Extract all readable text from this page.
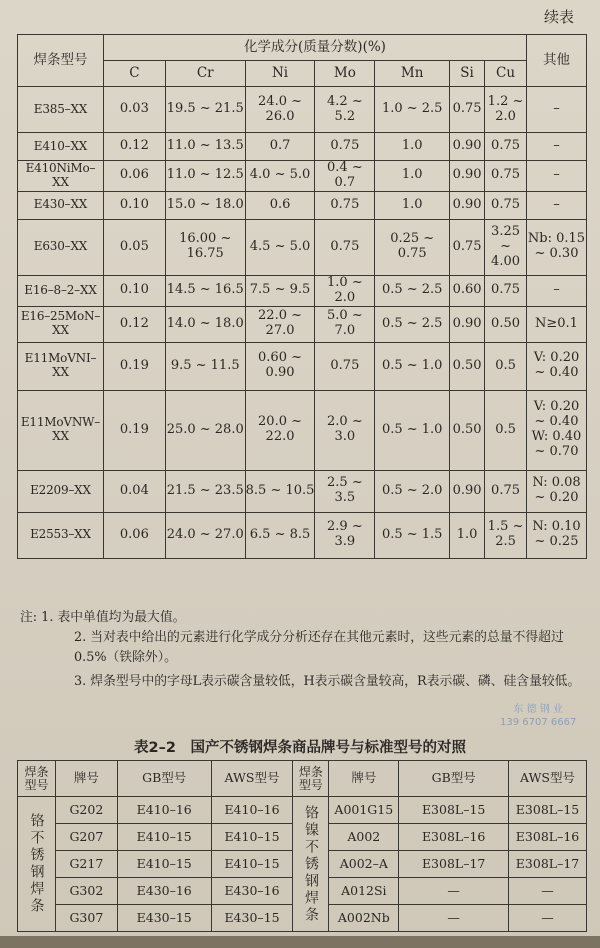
续表
焊条型号	化学成分(质量分数)(%)							其他
	C	Cr	Ni	Mo	Mn	Si	Cu	
E385–XX	0.03	19.5 ~ 21.5	24.0 ~ 26.0	4.2 ~ 5.2	1.0 ~ 2.5	0.75	1.2 ~ 2.0	–
E410–XX	0.12	11.0 ~ 13.5	0.7	0.75	1.0	0.90	0.75	–
E410NiMo–XX	0.06	11.0 ~ 12.5	4.0 ~ 5.0	0.4 ~ 0.7	1.0	0.90	0.75	–
E430–XX	0.10	15.0 ~ 18.0	0.6	0.75	1.0	0.90	0.75	–
E630–XX	0.05	16.00 ~ 16.75	4.5 ~ 5.0	0.75	0.25 ~ 0.75	0.75	3.25 ~ 4.00	Nb: 0.15 ~ 0.30
E16–8–2–XX	0.10	14.5 ~ 16.5	7.5 ~ 9.5	1.0 ~ 2.0	0.5 ~ 2.5	0.60	0.75	–
E16–25MoN–XX	0.12	14.0 ~ 18.0	22.0 ~ 27.0	5.0 ~ 7.0	0.5 ~ 2.5	0.90	0.50	N≥0.1
E11MoVNI–XX	0.19	9.5 ~ 11.5	0.60 ~ 0.90	0.75	0.5 ~ 1.0	0.50	0.5	V: 0.20 ~ 0.40
E11MoVNW–XX	0.19	25.0 ~ 28.0	20.0 ~ 22.0	2.0 ~ 3.0	0.5 ~ 1.0	0.50	0.5	V: 0.20 ~ 0.40 W: 0.40 ~ 0.70
E2209–XX	0.04	21.5 ~ 23.5	8.5 ~ 10.5	2.5 ~ 3.5	0.5 ~ 2.0	0.90	0.75	N: 0.08 ~ 0.20
E2553–XX	0.06	24.0 ~ 27.0	6.5 ~ 8.5	2.9 ~ 3.9	0.5 ~ 1.5	1.0	1.5 ~ 2.5	N: 0.10 ~ 0.25
注: 1. 表中单值均为最大值。
2. 当对表中给出的元素进行化学成分分析还存在其他元素时，这些元素的总量不得超过0.5%（铁除外）。
3. 焊条型号中的字母L表示碳含量较低，H表示碳含量较高，R表示碳、磷、硅含量较低。
东 德 钢 业
139 6707 6667
表2–2　国产不锈钢焊条商品牌号与标准型号的对照
焊条型号	牌号	GB型号	AWS型号	焊条型号	牌号	GB型号	AWS型号
铬不锈钢焊条	G202	E410–16	E410–16	铬镍不锈钢焊条	A001G15	E308L–15	E308L–15
	G207	E410–15	E410–15		A002	E308L–16	E308L–16
	G217	E410–15	E410–15		A002–A	E308L–17	E308L–17
	G302	E430–16	E430–16		A012Si	—	—
	G307	E430–15	E430–15		A002Nb	—	—
